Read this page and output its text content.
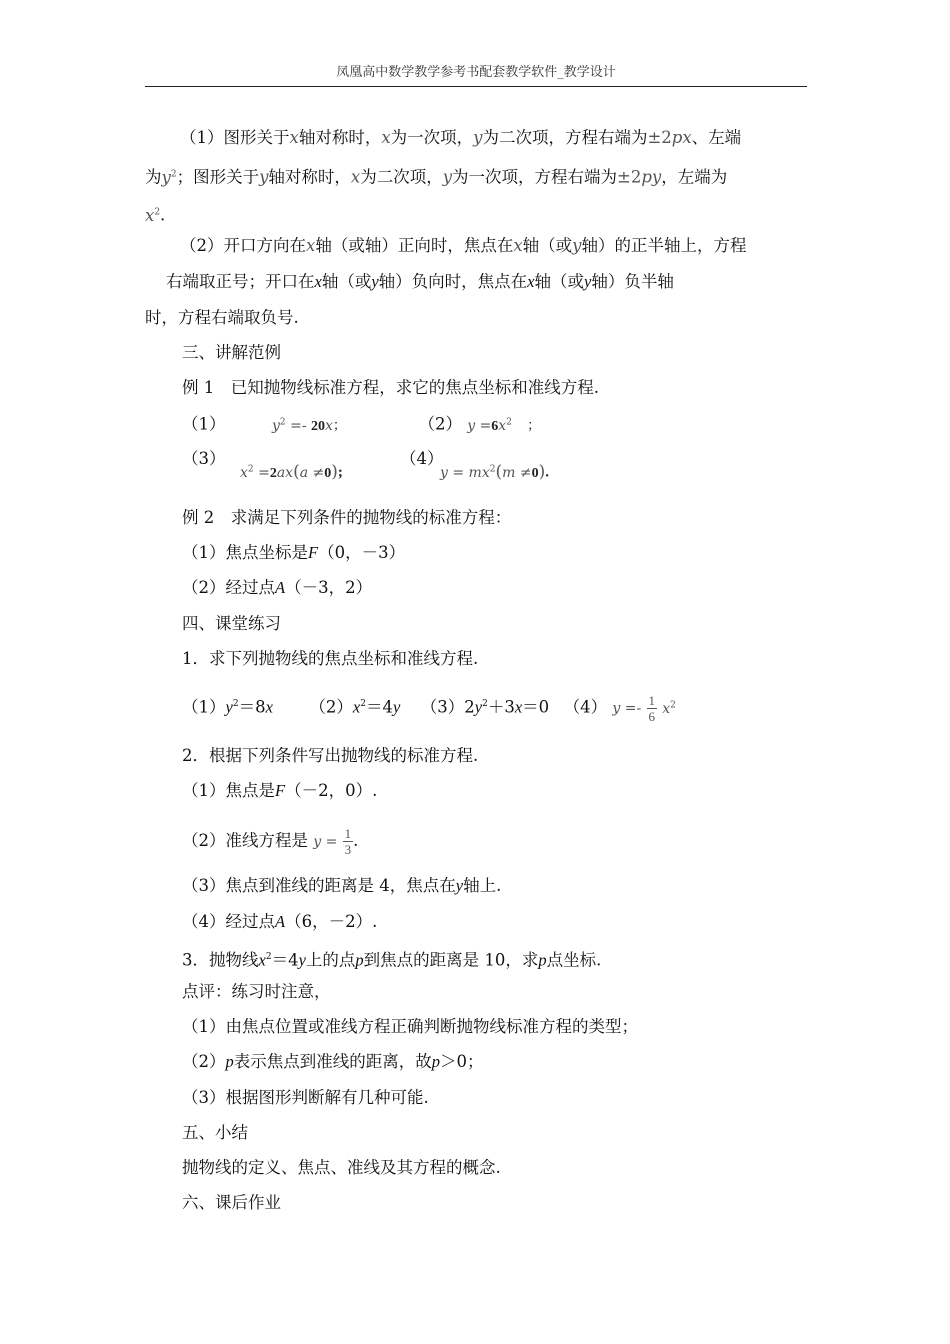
凤凰高中数学教学参考书配套教学软件_教学设计
（1）图形关于x轴对称时，x为一次项，y为二次项，方程右端为±2px、左端
为$y^2$；图形关于y轴对称时，x为二次项，y为一次项，方程右端为±2py，左端为
$x^2$.
（2）开口方向在x轴（或轴）正向时，焦点在x轴（或y轴）的正半轴上，方程
右端取正号；开口在x轴（或y轴）负向时，焦点在x轴（或y轴）负半轴
时，方程右端取负号.
三、讲解范例
例 1　已知抛物线标准方程，求它的焦点坐标和准线方程.
（1）	$y^2 =- 20x$；	（2） $y =6x^2$ ；
（3）
$x^2 =2ax(a \ne 0)$;
（4）
$y = mx^2(m \ne 0)$.
例 2　求满足下列条件的抛物线的标准方程：
（1）焦点坐标是F（0，－3）
（2）经过点A（－3，2）
四、课堂练习
1．求下列抛物线的焦点坐标和准线方程.
$(1)y^2=8x$ $(2)x^2=4y$ $(3)2y^2+3x=0$  （4） $y =- \frac{1}{6} x^2$
2．根据下列条件写出抛物线的标准方程.
（1）焦点是F（－2，0）.
（2）准线方程是 $y = \frac{1}{3}$ .
（3）焦点到准线的距离是 4，焦点在y轴上.
（4）经过点A（6，－2）.
3．抛物线$x^2=4y$上的点p到焦点的距离是 10，求p点坐标.
点评：练习时注意，
（1）由焦点位置或准线方程正确判断抛物线标准方程的类型；
（2）p表示焦点到准线的距离，故p＞0；
（3）根据图形判断解有几种可能.
五、小结
抛物线的定义、焦点、准线及其方程的概念.
六、课后作业
